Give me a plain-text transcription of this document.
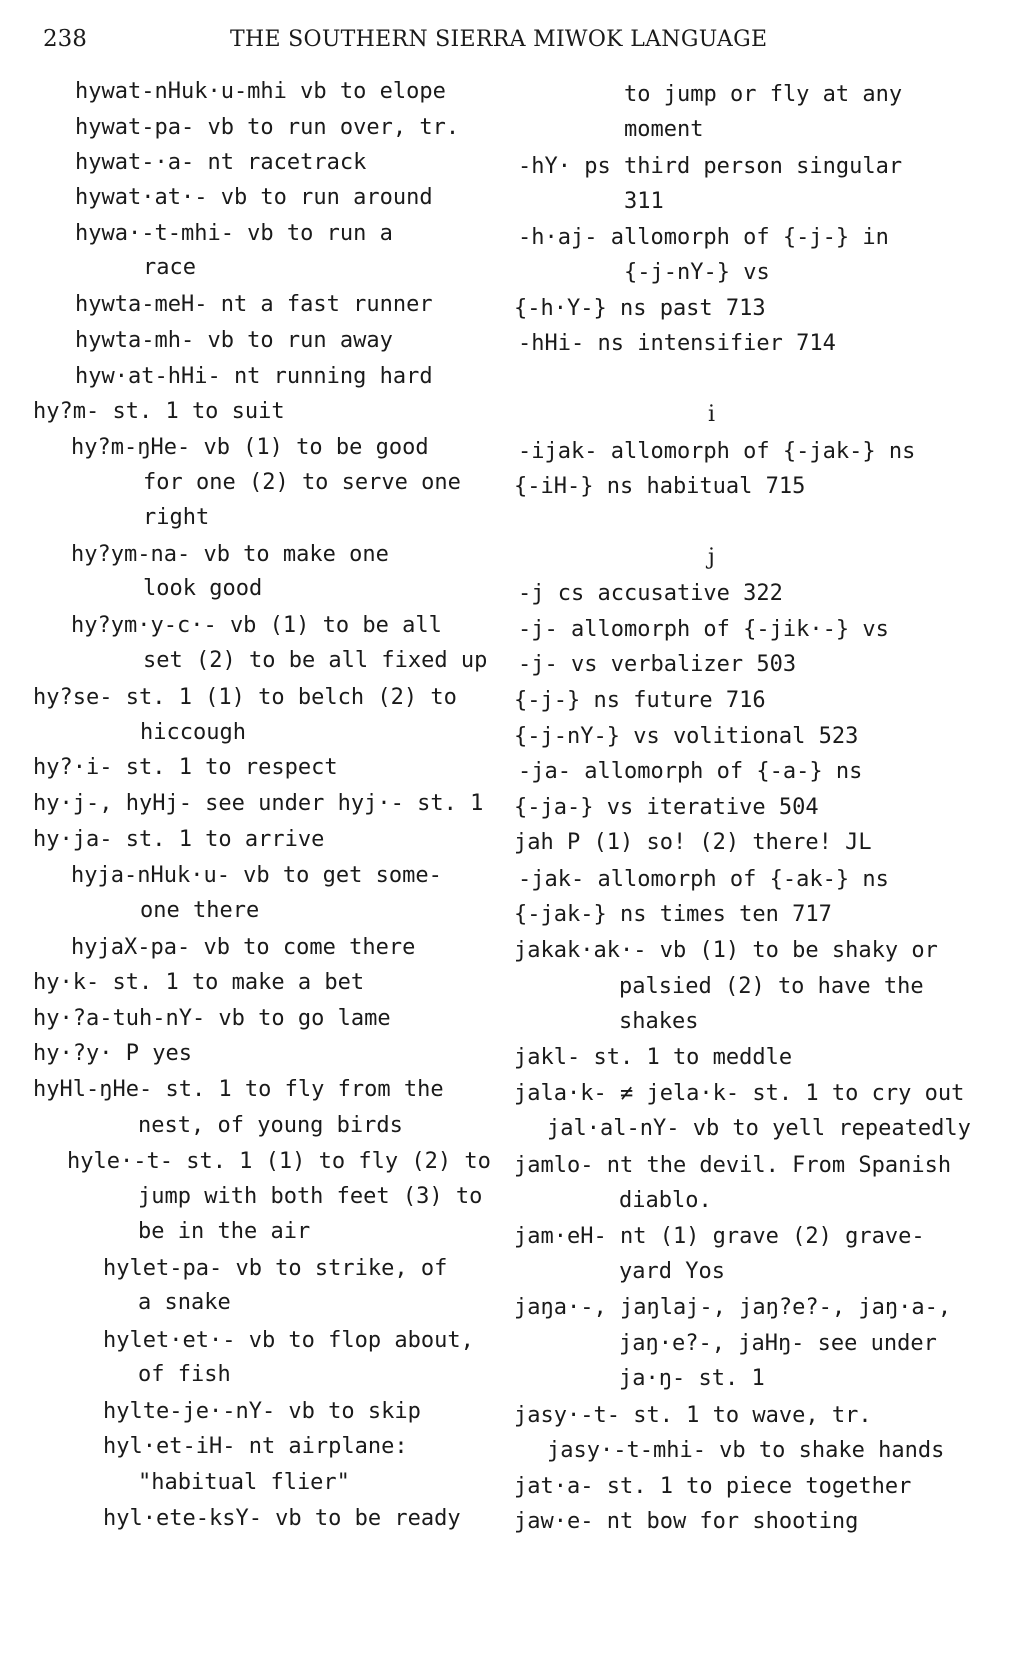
238	THE SOUTHERN SIERRA MIWOK LANGUAGE
hywat-nHuk·u-mhi vb to elope
hywat-pa- vb to run over, tr.
hywat-·a- nt racetrack
hywat·at·- vb to run around
hywa·-t-mhi- vb to run a
race
hywta-meH- nt a fast runner
hywta-mh- vb to run away
hyw·at-hHi- nt running hard
hy?m- st. 1 to suit
hy?m-ŋHe- vb (1) to be good
for one (2) to serve one
right
hy?ym-na- vb to make one
look good
hy?ym·y-c·- vb (1) to be all
set (2) to be all fixed up
hy?se- st. 1 (1) to belch (2) to
hiccough
hy?·i- st. 1 to respect
hy·j-, hyHj- see under hyj·- st. 1
hy·ja- st. 1 to arrive
hyja-nHuk·u- vb to get some-
one there
hyjaX-pa- vb to come there
hy·k- st. 1 to make a bet
hy·?a-tuh-nY- vb to go lame
hy·?y· P yes
hyHl-ŋHe- st. 1 to fly from the
nest, of young birds
hyle·-t- st. 1 (1) to fly (2) to
jump with both feet (3) to
be in the air
hylet-pa- vb to strike, of
a snake
hylet·et·- vb to flop about,
of fish
hylte-je·-nY- vb to skip
hyl·et-iH- nt airplane:
"habitual flier"
hyl·ete-ksY- vb to be ready
to jump or fly at any
moment
-hY· ps third person singular
311
-h·aj- allomorph of {-j-} in
{-j-nY-} vs
{-h·Y-} ns past 713
-hHi- ns intensifier 714
i
-ijak- allomorph of {-jak-} ns
{-iH-} ns habitual 715
j
-j cs accusative 322
-j- allomorph of {-jik·-} vs
-j- vs verbalizer 503
{-j-} ns future 716
{-j-nY-} vs volitional 523
-ja- allomorph of {-a-} ns
{-ja-} vs iterative 504
jah P (1) so! (2) there! JL
-jak- allomorph of {-ak-} ns
{-jak-} ns times ten 717
jakak·ak·- vb (1) to be shaky or
palsied (2) to have the
shakes
jakl- st. 1 to meddle
jala·k- ≠ jela·k- st. 1 to cry out
jal·al-nY- vb to yell repeatedly
jamlo- nt the devil. From Spanish
diablo.
jam·eH- nt (1) grave (2) grave-
yard Yos
jaŋa·-, jaŋlaj-, jaŋ?e?-, jaŋ·a-,
jaŋ·e?-, jaHŋ- see under
ja·ŋ- st. 1
jasy·-t- st. 1 to wave, tr.
jasy·-t-mhi- vb to shake hands
jat·a- st. 1 to piece together
jaw·e- nt bow for shooting
